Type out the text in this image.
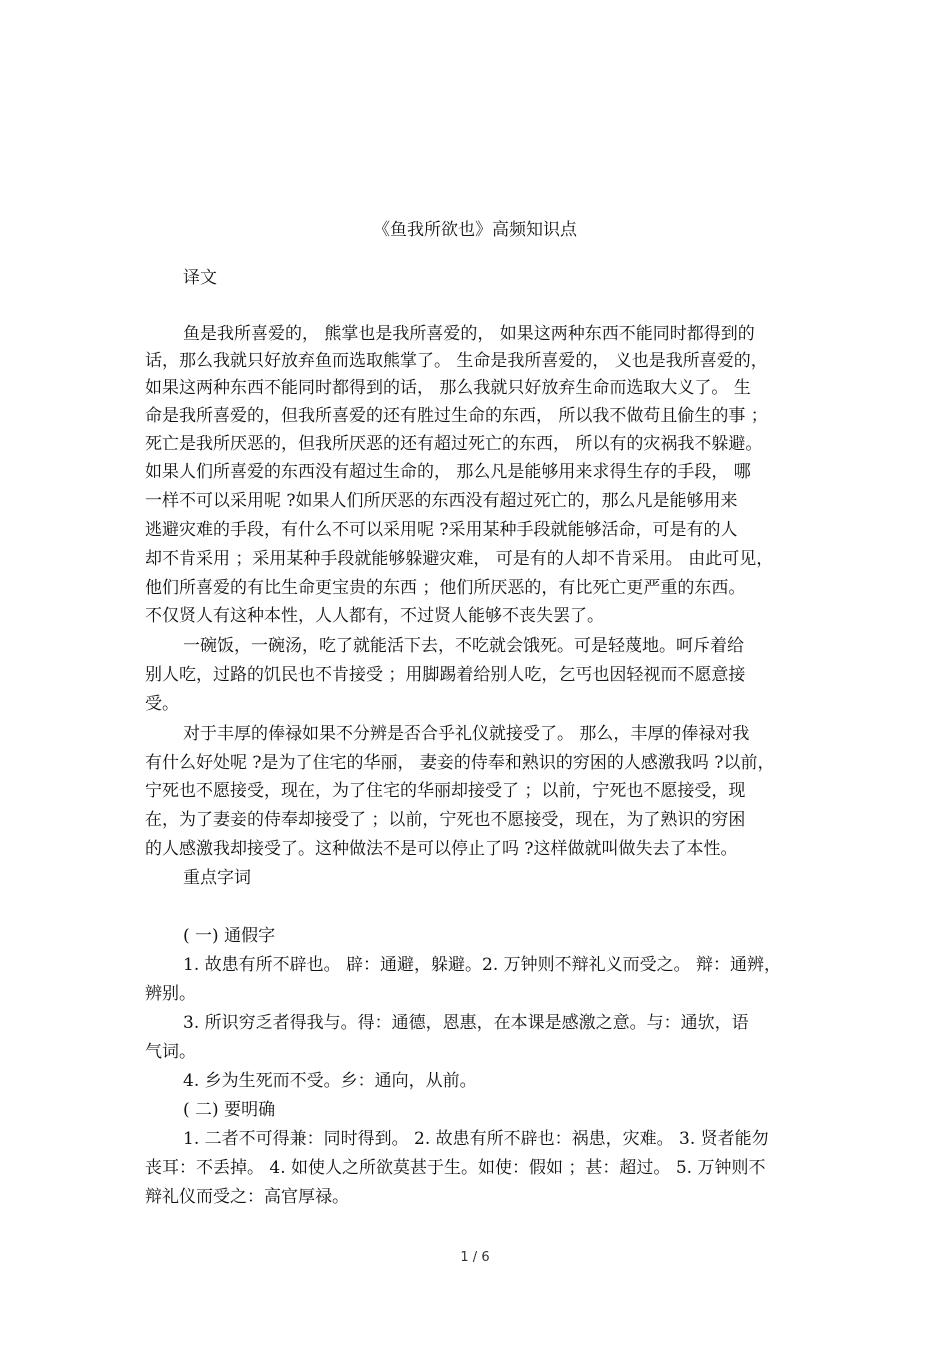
《鱼我所欲也》高频知识点
译文
鱼是我所喜爱的， 熊掌也是我所喜爱的， 如果这两种东西不能同时都得到的
话，那么我就只好放弃鱼而选取熊掌了。 生命是我所喜爱的， 义也是我所喜爱的，
如果这两种东西不能同时都得到的话， 那么我就只好放弃生命而选取大义了。 生
命是我所喜爱的，但我所喜爱的还有胜过生命的东西， 所以我不做苟且偷生的事 ；
死亡是我所厌恶的，但我所厌恶的还有超过死亡的东西， 所以有的灾祸我不躲避。
如果人们所喜爱的东西没有超过生命的， 那么凡是能够用来求得生存的手段， 哪
一样不可以采用呢 ?如果人们所厌恶的东西没有超过死亡的，那么凡是能够用来
逃避灾难的手段，有什么不可以采用呢 ?采用某种手段就能够活命，可是有的人
却不肯采用 ；采用某种手段就能够躲避灾难， 可是有的人却不肯采用。 由此可见，
他们所喜爱的有比生命更宝贵的东西 ；他们所厌恶的，有比死亡更严重的东西。
不仅贤人有这种本性，人人都有，不过贤人能够不丧失罢了。
一碗饭，一碗汤，吃了就能活下去，不吃就会饿死。可是轻蔑地。呵斥着给
别人吃，过路的饥民也不肯接受 ；用脚踢着给别人吃，乞丐也因轻视而不愿意接
受。
对于丰厚的俸禄如果不分辨是否合乎礼仪就接受了。 那么，丰厚的俸禄对我
有什么好处呢 ?是为了住宅的华丽， 妻妾的侍奉和熟识的穷困的人感激我吗 ?以前，
宁死也不愿接受，现在，为了住宅的华丽却接受了 ；以前，宁死也不愿接受，现
在，为了妻妾的侍奉却接受了 ；以前，宁死也不愿接受，现在，为了熟识的穷困
的人感激我却接受了。这种做法不是可以停止了吗 ?这样做就叫做失去了本性。
重点字词
( 一) 通假字
1. 故患有所不辟也。 辟：通避，躲避。2. 万钟则不辩礼义而受之。 辩：通辨，
辨别。
3. 所识穷乏者得我与。得：通德，恩惠，在本课是感激之意。与：通欤，语
气词。
4. 乡为生死而不受。乡：通向，从前。
( 二) 要明确
1. 二者不可得兼：同时得到。 2. 故患有所不辟也：祸患，灾难。 3. 贤者能勿
丧耳：不丢掉。 4. 如使人之所欲莫甚于生。如使：假如 ；甚：超过。 5. 万钟则不
辩礼仪而受之：高官厚禄。
1 / 6
